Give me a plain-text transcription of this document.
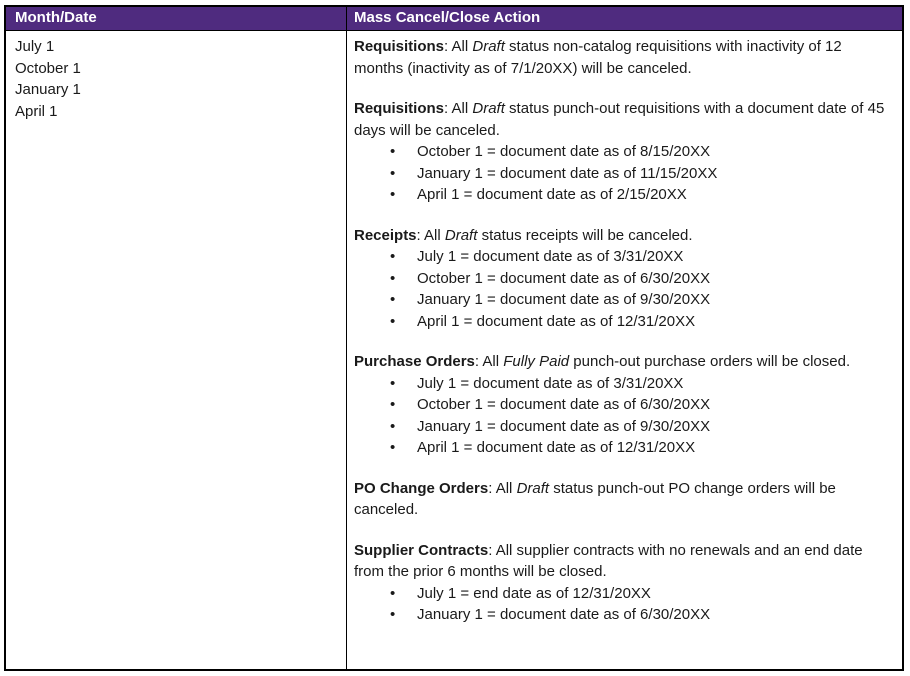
Month/Date	Mass Cancel/Close Action
July 1
October 1
January 1
April 1

Requisitions: All Draft status non-catalog requisitions with inactivity of 12 months (inactivity as of 7/1/20XX) will be canceled.

Requisitions: All Draft status punch-out requisitions with a document date of 45 days will be canceled.

• October 1 = document date as of 8/15/20XX
• January 1 = document date as of 11/15/20XX
• April 1 = document date as of 2/15/20XX

Receipts: All Draft status receipts will be canceled.

• July 1 = document date as of 3/31/20XX
• October 1 = document date as of 6/30/20XX
• January 1 = document date as of 9/30/20XX
• April 1 = document date as of 12/31/20XX

Purchase Orders: All Fully Paid punch-out purchase orders will be closed.

• July 1 = document date as of 3/31/20XX
• October 1 = document date as of 6/30/20XX
• January 1 = document date as of 9/30/20XX
• April 1 = document date as of 12/31/20XX

PO Change Orders: All Draft status punch-out PO change orders will be canceled.

Supplier Contracts: All supplier contracts with no renewals and an end date from the prior 6 months will be closed.

• July 1 = end date as of 12/31/20XX
• January 1 = document date as of 6/30/20XX
